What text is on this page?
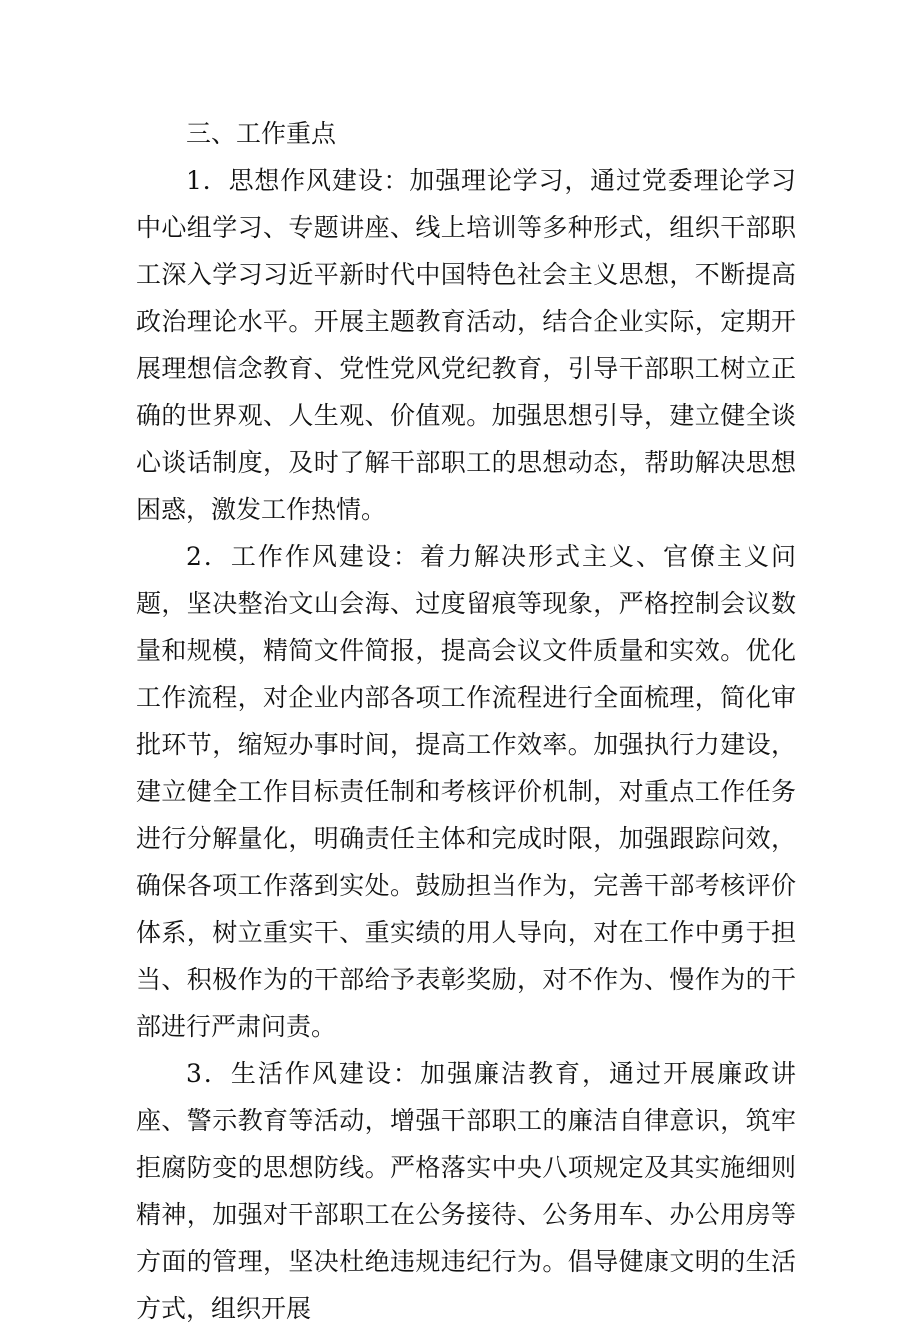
三、工作重点

1．思想作风建设：加强理论学习，通过党委理论学习中心组学习、专题讲座、线上培训等多种形式，组织干部职工深入学习习近平新时代中国特色社会主义思想，不断提高政治理论水平。开展主题教育活动，结合企业实际，定期开展理想信念教育、党性党风党纪教育，引导干部职工树立正确的世界观、人生观、价值观。加强思想引导，建立健全谈心谈话制度，及时了解干部职工的思想动态，帮助解决思想困惑，激发工作热情。

2．工作作风建设：着力解决形式主义、官僚主义问题，坚决整治文山会海、过度留痕等现象，严格控制会议数量和规模，精简文件简报，提高会议文件质量和实效。优化工作流程，对企业内部各项工作流程进行全面梳理，简化审批环节，缩短办事时间，提高工作效率。加强执行力建设，建立健全工作目标责任制和考核评价机制，对重点工作任务进行分解量化，明确责任主体和完成时限，加强跟踪问效，确保各项工作落到实处。鼓励担当作为，完善干部考核评价体系，树立重实干、重实绩的用人导向，对在工作中勇于担当、积极作为的干部给予表彰奖励，对不作为、慢作为的干部进行严肃问责。

3．生活作风建设：加强廉洁教育，通过开展廉政讲座、警示教育等活动，增强干部职工的廉洁自律意识，筑牢拒腐防变的思想防线。严格落实中央八项规定及其实施细则精神，加强对干部职工在公务接待、公务用车、办公用房等方面的管理，坚决杜绝违规违纪行为。倡导健康文明的生活方式，组织开展
